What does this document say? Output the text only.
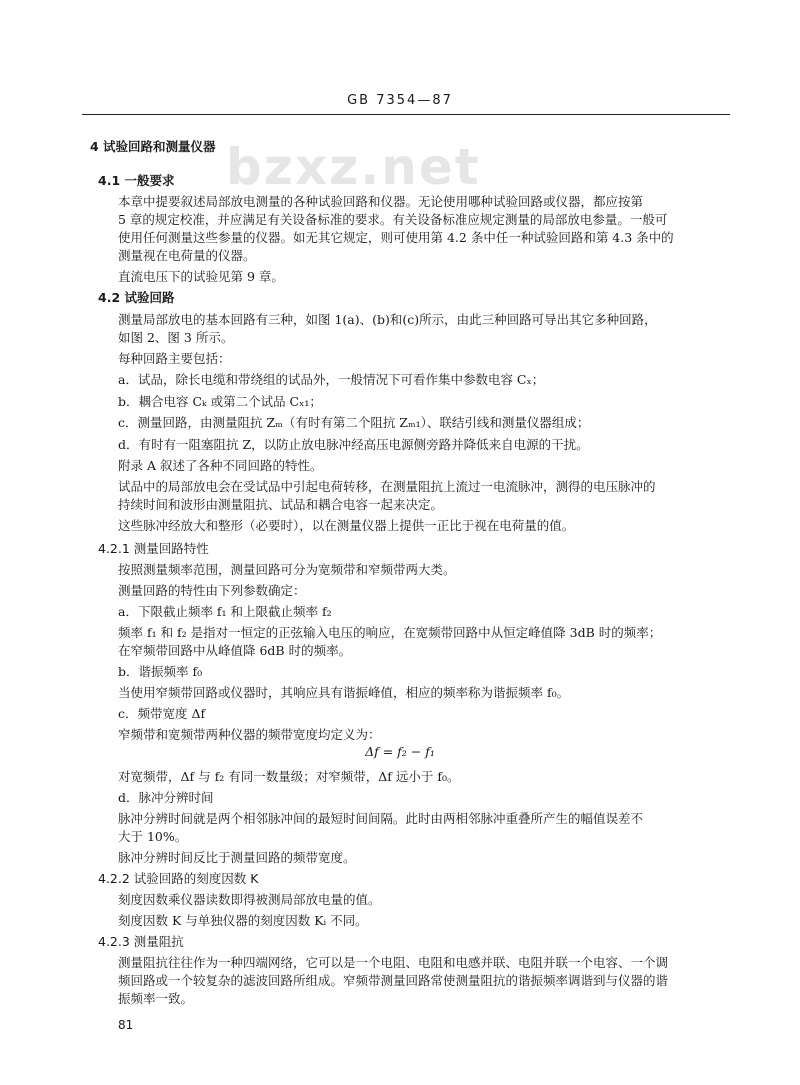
GB 7354—87
bzxz.net
4 试验回路和测量仪器
4.1 一般要求
本章中提要叙述局部放电测量的各种试验回路和仪器。无论使用哪种试验回路或仪器，都应按第
5 章的规定校准，并应满足有关设备标准的要求。有关设备标准应规定测量的局部放电参量。一般可
使用任何测量这些参量的仪器。如无其它规定，则可使用第 4.2 条中任一种试验回路和第 4.3 条中的
测量视在电荷量的仪器。
直流电压下的试验见第 9 章。
4.2 试验回路
测量局部放电的基本回路有三种，如图 1(a)、(b)和(c)所示，由此三种回路可导出其它多种回路，
如图 2、图 3 所示。
每种回路主要包括：
a．试品，除长电缆和带绕组的试品外，一般情况下可看作集中参数电容 Cₓ；
b．耦合电容 Cₖ 或第二个试品 Cₓ₁；
c．测量回路，由测量阻抗 Zₘ（有时有第二个阻抗 Zₘ₁）、联结引线和测量仪器组成；
d．有时有一阻塞阻抗 Z，以防止放电脉冲经高压电源侧旁路并降低来自电源的干扰。
附录 A 叙述了各种不同回路的特性。
试品中的局部放电会在受试品中引起电荷转移，在测量阻抗上流过一电流脉冲，测得的电压脉冲的
持续时间和波形由测量阻抗、试品和耦合电容一起来决定。
这些脉冲经放大和整形（必要时），以在测量仪器上提供一正比于视在电荷量的值。
4.2.1 测量回路特性
按照测量频率范围，测量回路可分为宽频带和窄频带两大类。
测量回路的特性由下列参数确定：
a．下限截止频率 f₁ 和上限截止频率 f₂
频率 f₁ 和 f₂ 是指对一恒定的正弦输入电压的响应，在宽频带回路中从恒定峰值降 3dB 时的频率；
在窄频带回路中从峰值降 6dB 时的频率。
b．谐振频率 f₀
当使用窄频带回路或仪器时，其响应具有谐振峰值，相应的频率称为谐振频率 f₀。
c．频带宽度 Δf
窄频带和宽频带两种仪器的频带宽度均定义为：
对宽频带，Δf 与 f₂ 有同一数量级；对窄频带，Δf 远小于 f₀。
d．脉冲分辨时间
脉冲分辨时间就是两个相邻脉冲间的最短时间间隔。此时由两相邻脉冲重叠所产生的幅值误差不
大于 10%。
脉冲分辨时间反比于测量回路的频带宽度。
4.2.2 试验回路的刻度因数 K
刻度因数乘仪器读数即得被测局部放电量的值。
刻度因数 K 与单独仪器的刻度因数 Kᵢ 不同。
4.2.3 测量阻抗
测量阻抗往往作为一种四端网络，它可以是一个电阻、电阻和电感并联、电阻并联一个电容、一个调
频回路或一个较复杂的滤波回路所组成。窄频带测量回路常使测量阻抗的谐振频率调谐到与仪器的谐
振频率一致。
Δf = f₂ − f₁
81
